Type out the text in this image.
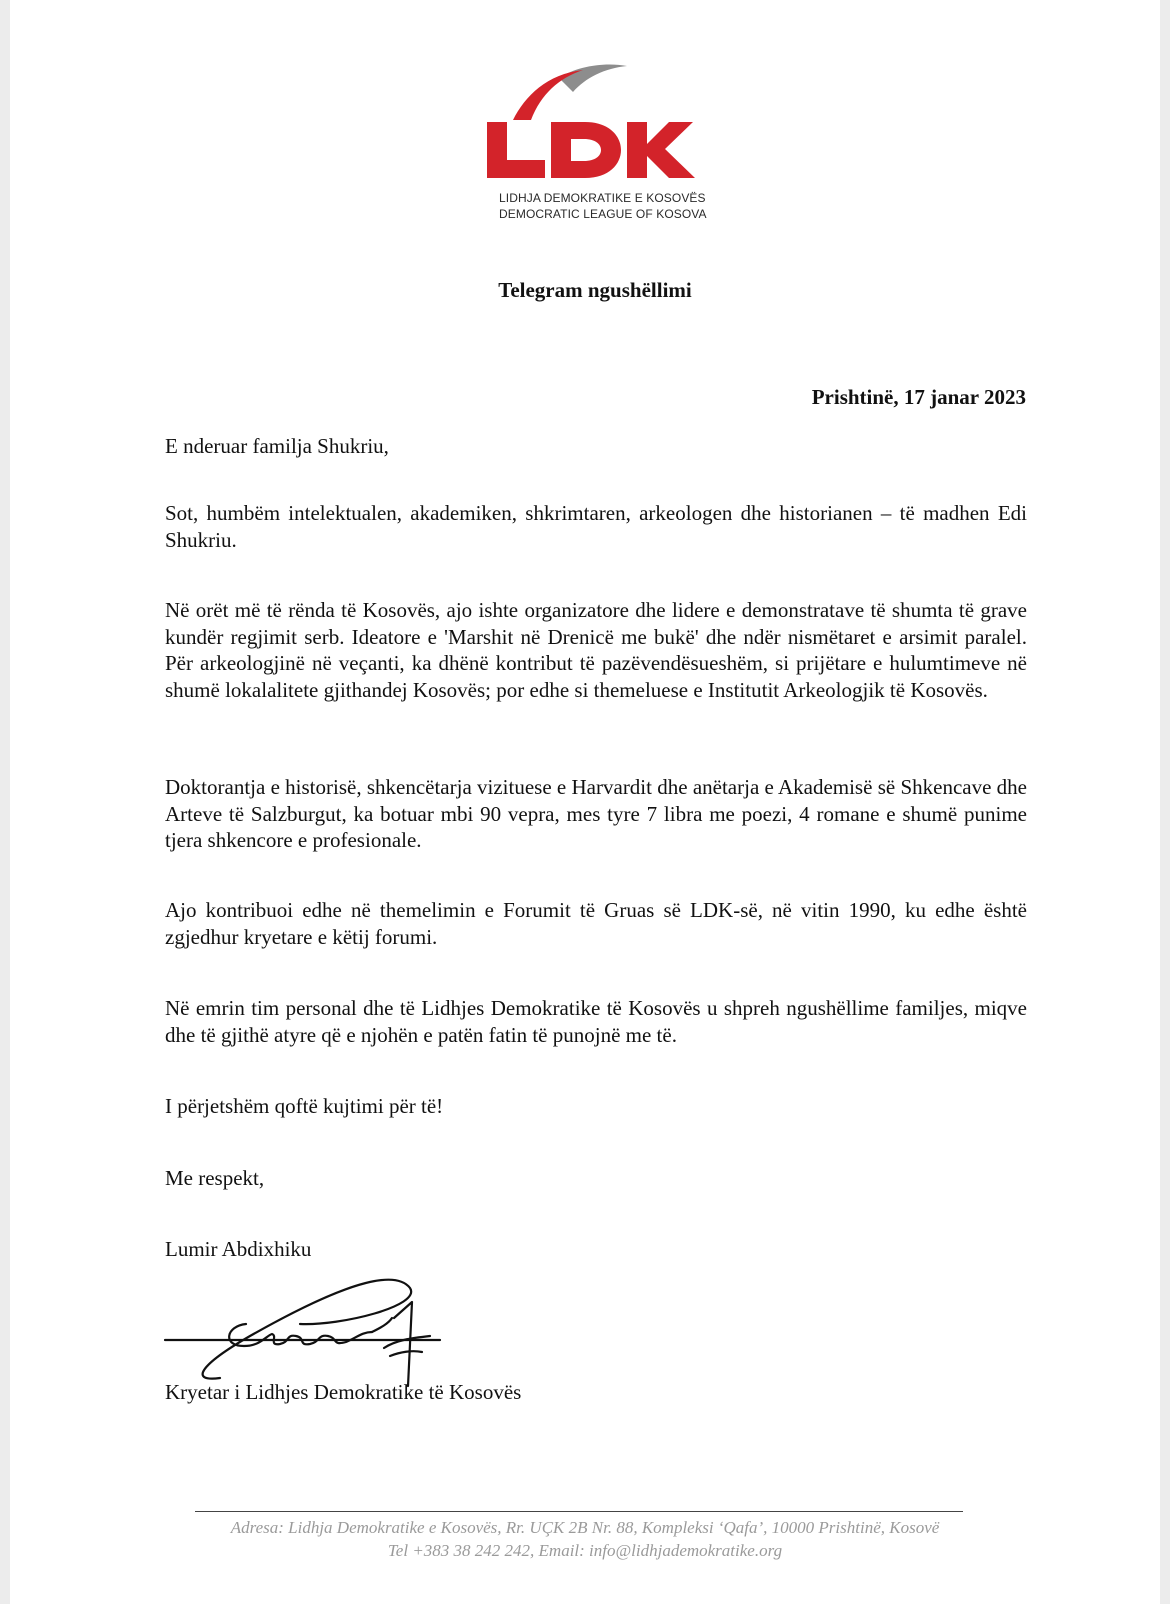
LIDHJA DEMOKRATIKE E KOSOVËS
DEMOCRATIC LEAGUE OF KOSOVA
Telegram ngushëllimi
Prishtinë, 17 janar 2023
E nderuar familja Shukriu,
Sot, humbëm intelektualen, akademiken, shkrimtaren, arkeologen dhe historianen – të madhen Edi Shukriu.
Në orët më të rënda të Kosovës, ajo ishte organizatore dhe lidere e demonstratave të shumta të grave kundër regjimit serb. Ideatore e 'Marshit në Drenicë me bukë' dhe ndër nismëtaret e arsimit paralel. Për arkeologjinë në veçanti, ka dhënë kontribut të pazëvendësueshëm, si prijëtare e hulumtimeve në shumë lokalalitete gjithandej Kosovës; por edhe si themeluese e Institutit Arkeologjik të Kosovës.
Doktorantja e historisë, shkencëtarja vizituese e Harvardit dhe anëtarja e Akademisë së Shkencave dhe Arteve të Salzburgut, ka botuar mbi 90 vepra, mes tyre 7 libra me poezi, 4 romane e shumë punime tjera shkencore e profesionale.
Ajo kontribuoi edhe në themelimin e Forumit të Gruas së LDK-së, në vitin 1990, ku edhe është zgjedhur kryetare e këtij forumi.
Në emrin tim personal dhe të Lidhjes Demokratike të Kosovës u shpreh ngushëllime familjes, miqve dhe të gjithë atyre që e njohën e patën fatin të punojnë me të.
I përjetshëm qoftë kujtimi për të!
Me respekt,
Lumir Abdixhiku
Kryetar i Lidhjes Demokratike të Kosovës
Adresa: Lidhja Demokratike e Kosovës, Rr. UÇK 2B Nr. 88, Kompleksi ‘Qafa’, 10000 Prishtinë, Kosovë
Tel +383 38 242 242, Email: info@lidhjademokratike.org
